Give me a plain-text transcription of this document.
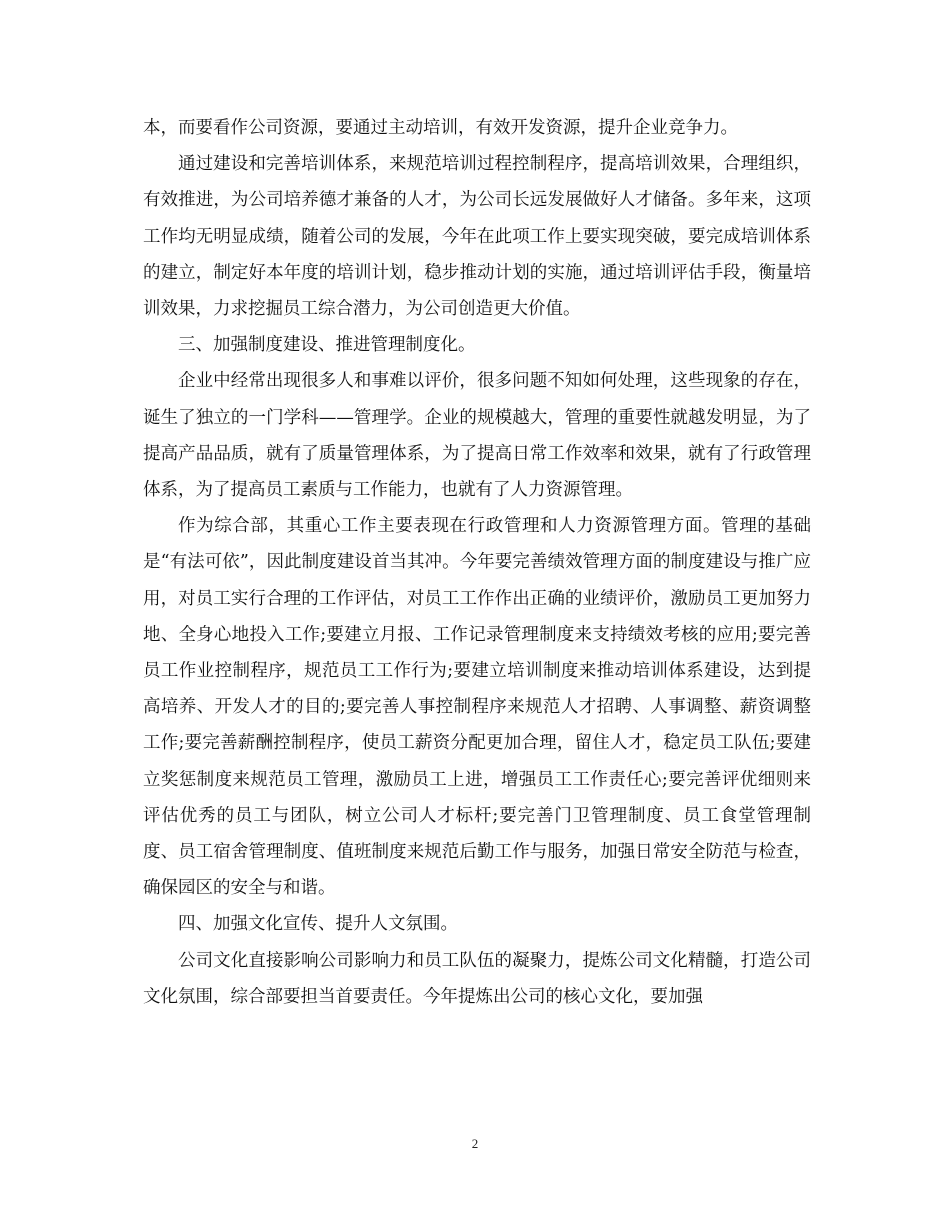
本，而要看作公司资源，要通过主动培训，有效开发资源，提升企业竞争力。

通过建设和完善培训体系，来规范培训过程控制程序，提高培训效果，合理组织，有效推进，为公司培养德才兼备的人才，为公司长远发展做好人才储备。多年来，这项工作均无明显成绩，随着公司的发展，今年在此项工作上要实现突破，要完成培训体系的建立，制定好本年度的培训计划，稳步推动计划的实施，通过培训评估手段，衡量培训效果，力求挖掘员工综合潜力，为公司创造更大价值。

三、加强制度建设、推进管理制度化。

企业中经常出现很多人和事难以评价，很多问题不知如何处理，这些现象的存在，诞生了独立的一门学科——管理学。企业的规模越大，管理的重要性就越发明显，为了提高产品品质，就有了质量管理体系，为了提高日常工作效率和效果，就有了行政管理体系，为了提高员工素质与工作能力，也就有了人力资源管理。

作为综合部，其重心工作主要表现在行政管理和人力资源管理方面。管理的基础是“有法可依”，因此制度建设首当其冲。今年要完善绩效管理方面的制度建设与推广应用，对员工实行合理的工作评估，对员工工作作出正确的业绩评价，激励员工更加努力地、全身心地投入工作;要建立月报、工作记录管理制度来支持绩效考核的应用;要完善员工作业控制程序，规范员工工作行为;要建立培训制度来推动培训体系建设，达到提高培养、开发人才的目的;要完善人事控制程序来规范人才招聘、人事调整、薪资调整工作;要完善薪酬控制程序，使员工薪资分配更加合理，留住人才，稳定员工队伍;要建立奖惩制度来规范员工管理，激励员工上进，增强员工工作责任心;要完善评优细则来评估优秀的员工与团队，树立公司人才标杆;要完善门卫管理制度、员工食堂管理制度、员工宿舍管理制度、值班制度来规范后勤工作与服务，加强日常安全防范与检查，确保园区的安全与和谐。

四、加强文化宣传、提升人文氛围。

公司文化直接影响公司影响力和员工队伍的凝聚力，提炼公司文化精髓，打造公司文化氛围，综合部要担当首要责任。今年提炼出公司的核心文化，要加强

2
